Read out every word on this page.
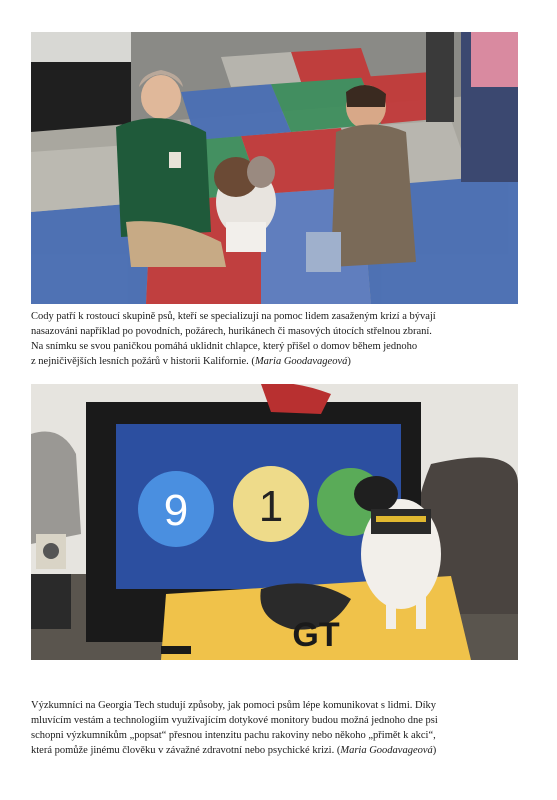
Cody patří k rostoucí skupině psů, kteří se specializují na pomoc lidem zasaženým krizí a bývají
nasazováni například po povodních, požárech, hurikánech či masových útocích střelnou zbraní.
Na snímku se svou paničkou pomáhá uklidnit chlapce, který přišel o domov během jednoho
z nejničivějších lesních požárů v historii Kalifornie. (Maria Goodavageová)
9 1
GT
Výzkumníci na Georgia Tech studují způsoby, jak pomoci psům lépe komunikovat s lidmi. Díky
mluvícím vestám a technologiím využívajícím dotykové monitory budou možná jednoho dne psi
schopni výzkumníkům „popsat“ přesnou intenzitu pachu rakoviny nebo někoho „přimět k akci“,
která pomůže jinému člověku v závažné zdravotní nebo psychické krizi. (Maria Goodavageová)
